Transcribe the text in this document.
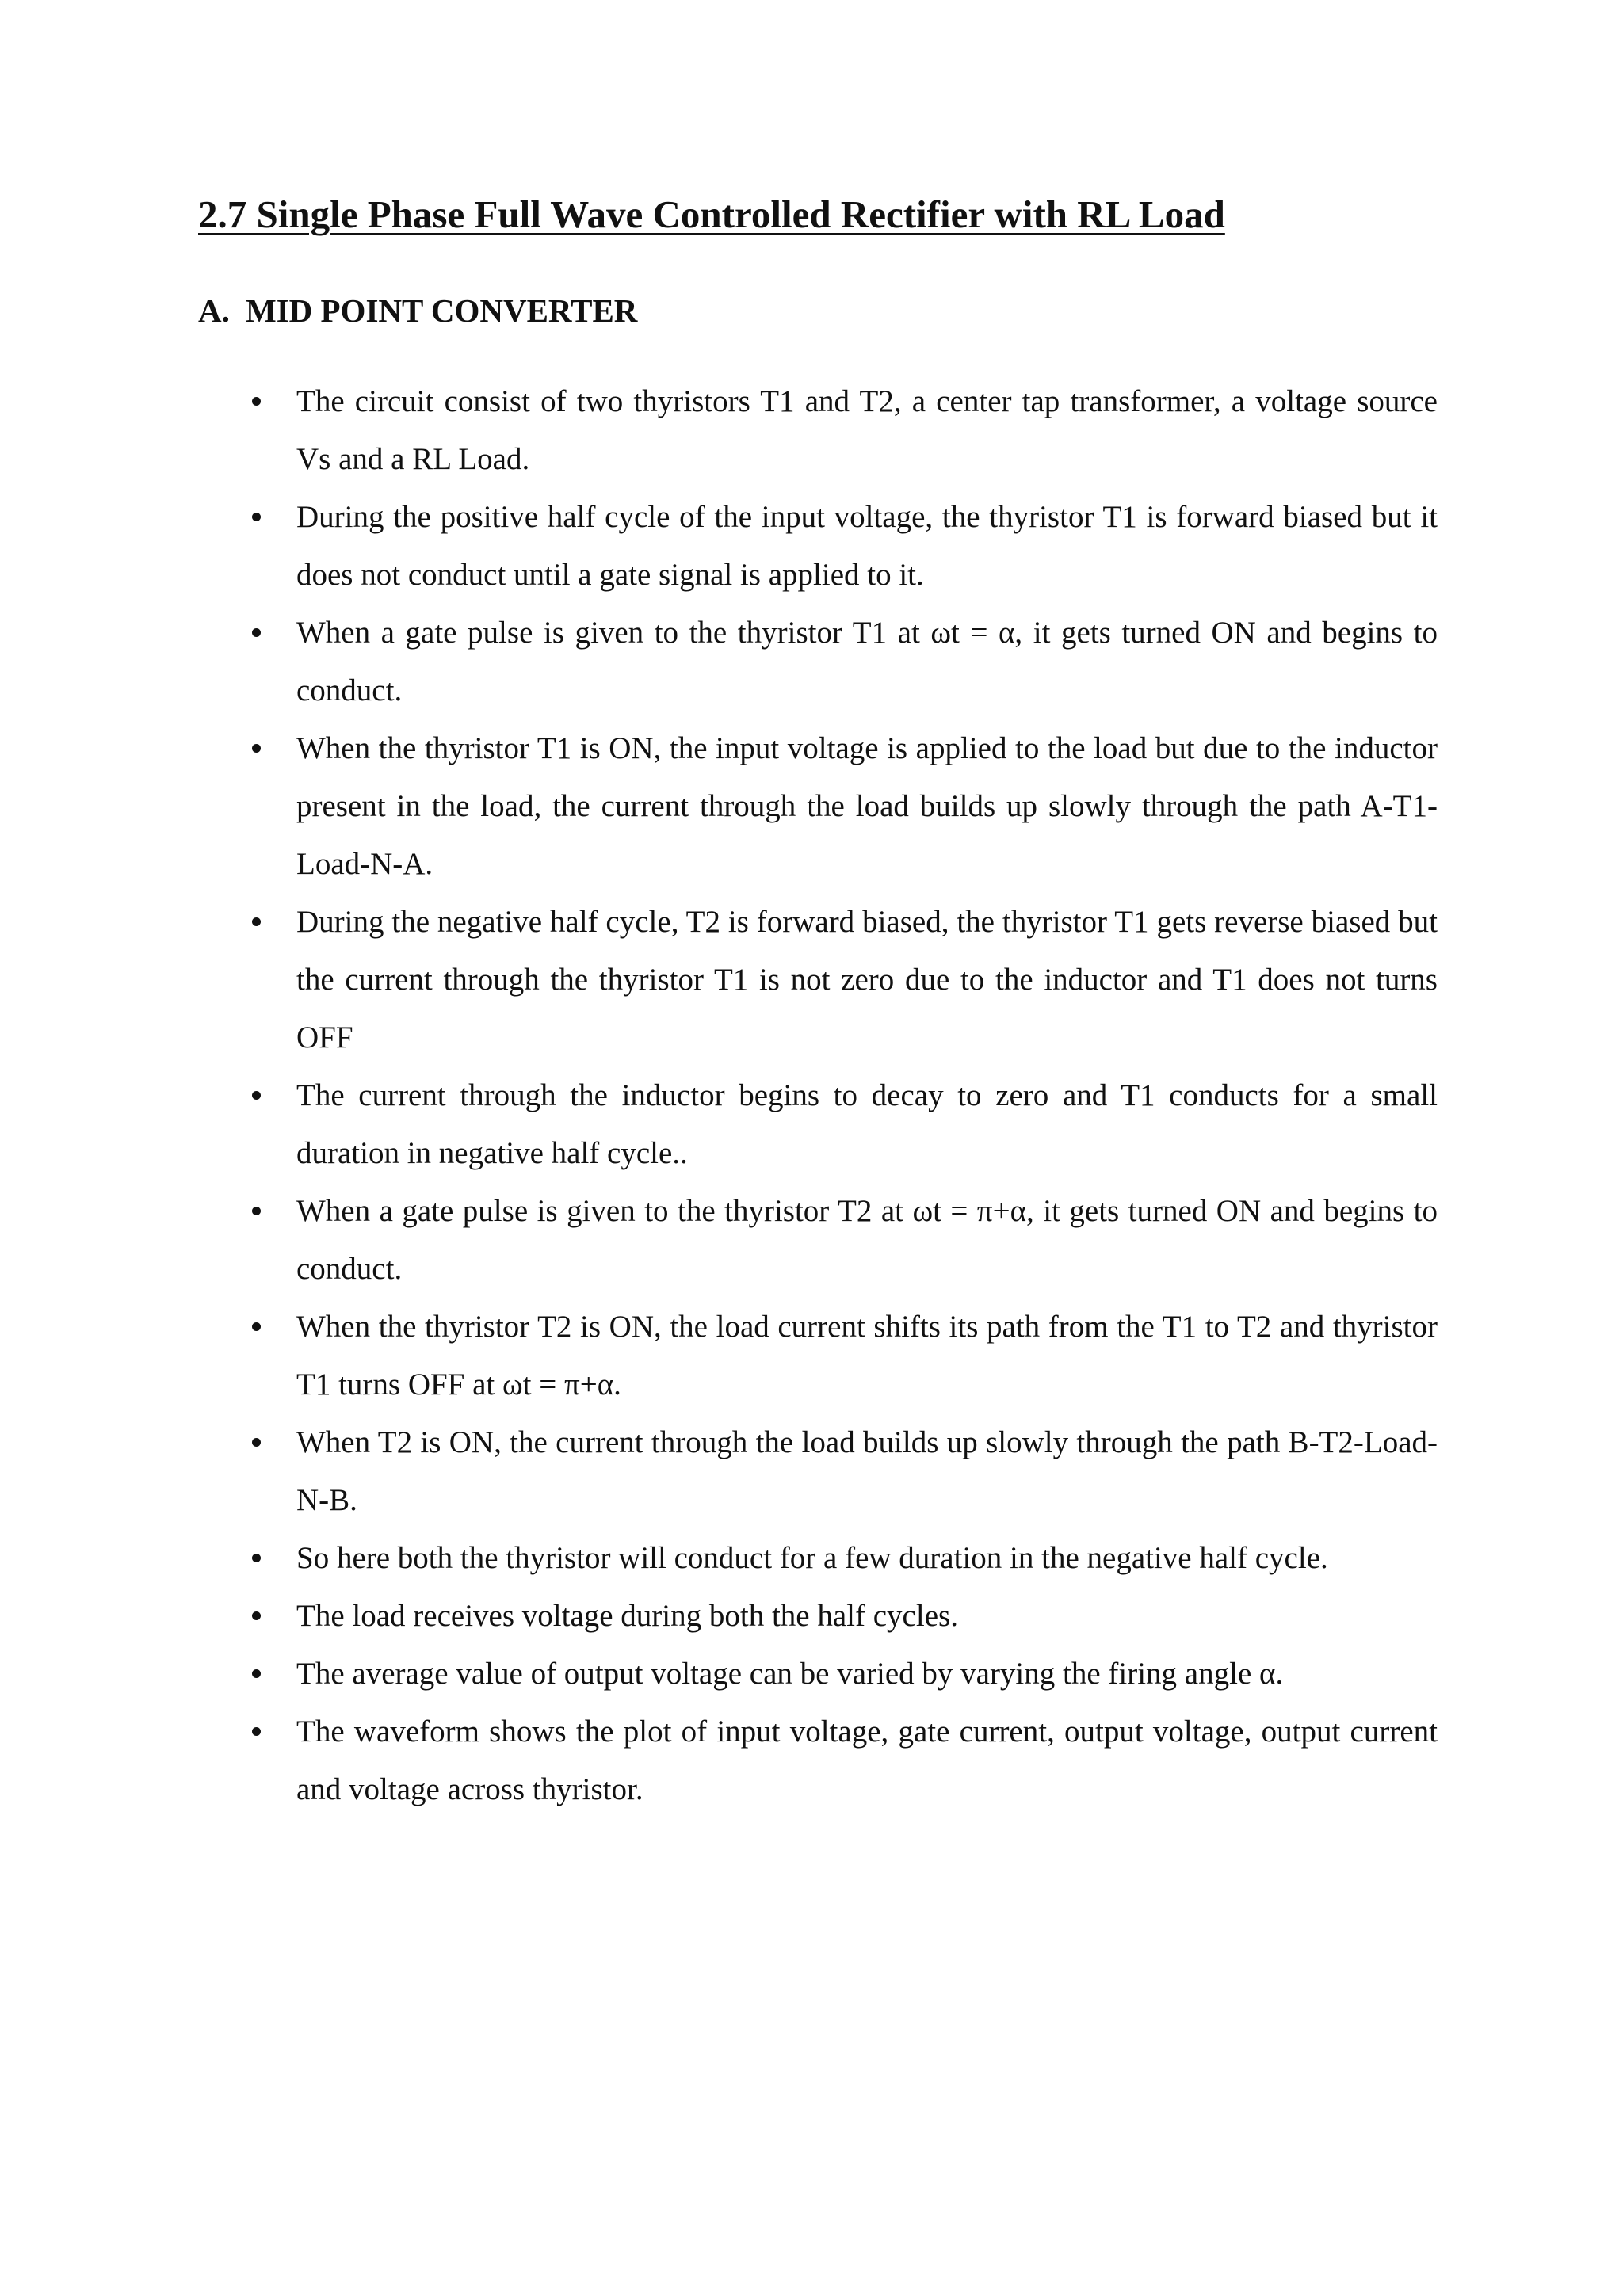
2.7 Single Phase Full Wave Controlled Rectifier with RL Load
A. MID POINT CONVERTER
The circuit consist of two thyristors T1 and T2, a center tap transformer, a voltage source Vs and a RL Load.
During the positive half cycle of the input voltage, the thyristor T1 is forward biased but it does not conduct until a gate signal is applied to it.
When a gate pulse is given to the thyristor T1 at ωt = α, it gets turned ON and begins to conduct.
When the thyristor T1 is ON, the input voltage is applied to the load but due to the inductor present in the load, the current through the load builds up slowly through the path A-T1-Load-N-A.
During the negative half cycle, T2 is forward biased, the thyristor T1 gets reverse biased but the current through the thyristor T1 is not zero due to the inductor and T1 does not turns OFF
The current through the inductor begins to decay to zero and T1 conducts for a small duration in negative half cycle..
When a gate pulse is given to the thyristor T2 at ωt = π+α, it gets turned ON and begins to conduct.
When the thyristor T2 is ON, the load current shifts its path from the T1 to T2 and thyristor T1 turns OFF at ωt = π+α.
When T2 is ON, the current through the load builds up slowly through the path B-T2-Load-N-B.
So here both the thyristor will conduct for a few duration in the negative half cycle.
The load receives voltage during both the half cycles.
The average value of output voltage can be varied by varying the firing angle α.
The waveform shows the plot of input voltage, gate current, output voltage, output current and voltage across thyristor.
